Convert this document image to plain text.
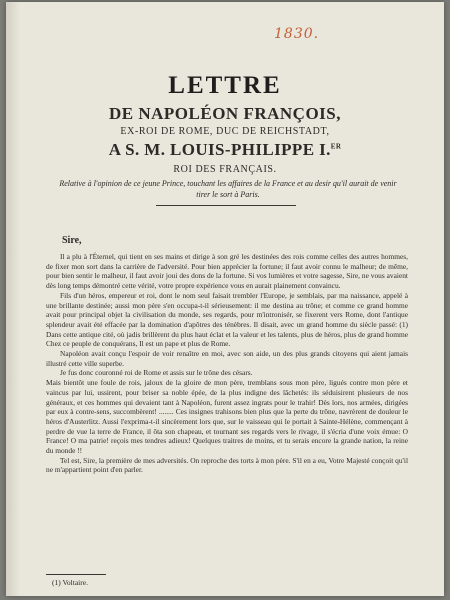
1830.
LETTRE
DE NAPOLÉON FRANÇOIS,
EX-ROI DE ROME, DUC DE REICHSTADT,
A S. M. LOUIS-PHILIPPE I.$^{ER}$
ROI DES FRANÇAIS.
Relative à l'opinion de ce jeune Prince, touchant les affaires de la France et au desir qu'il aurait de venir tirer le sort à Paris.
Sire,

Il a plu à l'Éternel, qui tient en ses mains et dirige à son gré les destinées des rois comme celles des autres hommes, de fixer mon sort dans la carrière de l'adversité. Pour bien apprécier la fortune; il faut avoir connu le malheur; de même, pour bien sentir le malheur, il faut avoir joui des dons de la fortune. Si vos lumières et votre sagesse, Sire, ne vous avaient dès long temps démontré cette vérité, votre propre expérience vous en aurait plainement convaincu.

Fils d'un héros, empereur et roi, dont le nom seul faisait trembler l'Europe, je semblais, par ma naissance, appelé à une brillante destinée; aussi mon père s'en occupa-t-il sérieusement: il me destina au trône; et comme ce grand homme avait pour principal objet la civilisation du monde, ses regards, pour m'intronisér, se fixerent vers Rome, dont l'antique splendeur avait été effacée par la domination d'apôtres des ténèbres. Il disait, avec un grand homme du siècle passé: (1) Dans cette antique cité, où jadis brillèrent du plus haut éclat et la valeur et les talents, plus de héros, plus de grand homme Chez ce peuple de conquérans, Il est un pape et plus de Rome.

Napoléon avait conçu l'espoir de voir renaître en moi, avec son aide, un des plus grands citoyens qui aient jamais illustré cette ville superbe.

Je fus donc couronné roi de Rome et assis sur le trône des césars.

Mais bientôt une foule de rois, jaloux de la gloire de mon père, tremblans sous mon père, ligués contre mon père et vaincus par lui, ussirent, pour briser sa noble épée, de la plus indigne des lâchetés: ils séduisirent plusieurs de nos généraux, et ces hommes qui devaient tant à Napoléon, furent assez ingrats pour le trahir! Dès lors, nos armées, dirigées par eux à contre-sens, succombèrent! ........ Ces insignes trahisons bien plus que la perte du trône, navrèrent de douleur le héros d'Austerlitz. Aussi l'exprima-t-il sincèrement lors que, sur le vaisseau qui le portait à Sainte-Hélène, commençant à perdre de vue la terre de France, il ôta son chapeau, et tournant ses regards vers le rivage, il s'écria d'une voix émue: O France! O ma patrie! reçois mes tendres adieux! Quelques traitres de moins, et tu serais encore la grande nation, la reine du monde !!

Tel est, Sire, la première de mes adversités. On reproche des torts à mon père. S'il en a eu, Votre Majesté conçoit qu'il ne m'appartient point d'en parler.

(1) Voltaire.
